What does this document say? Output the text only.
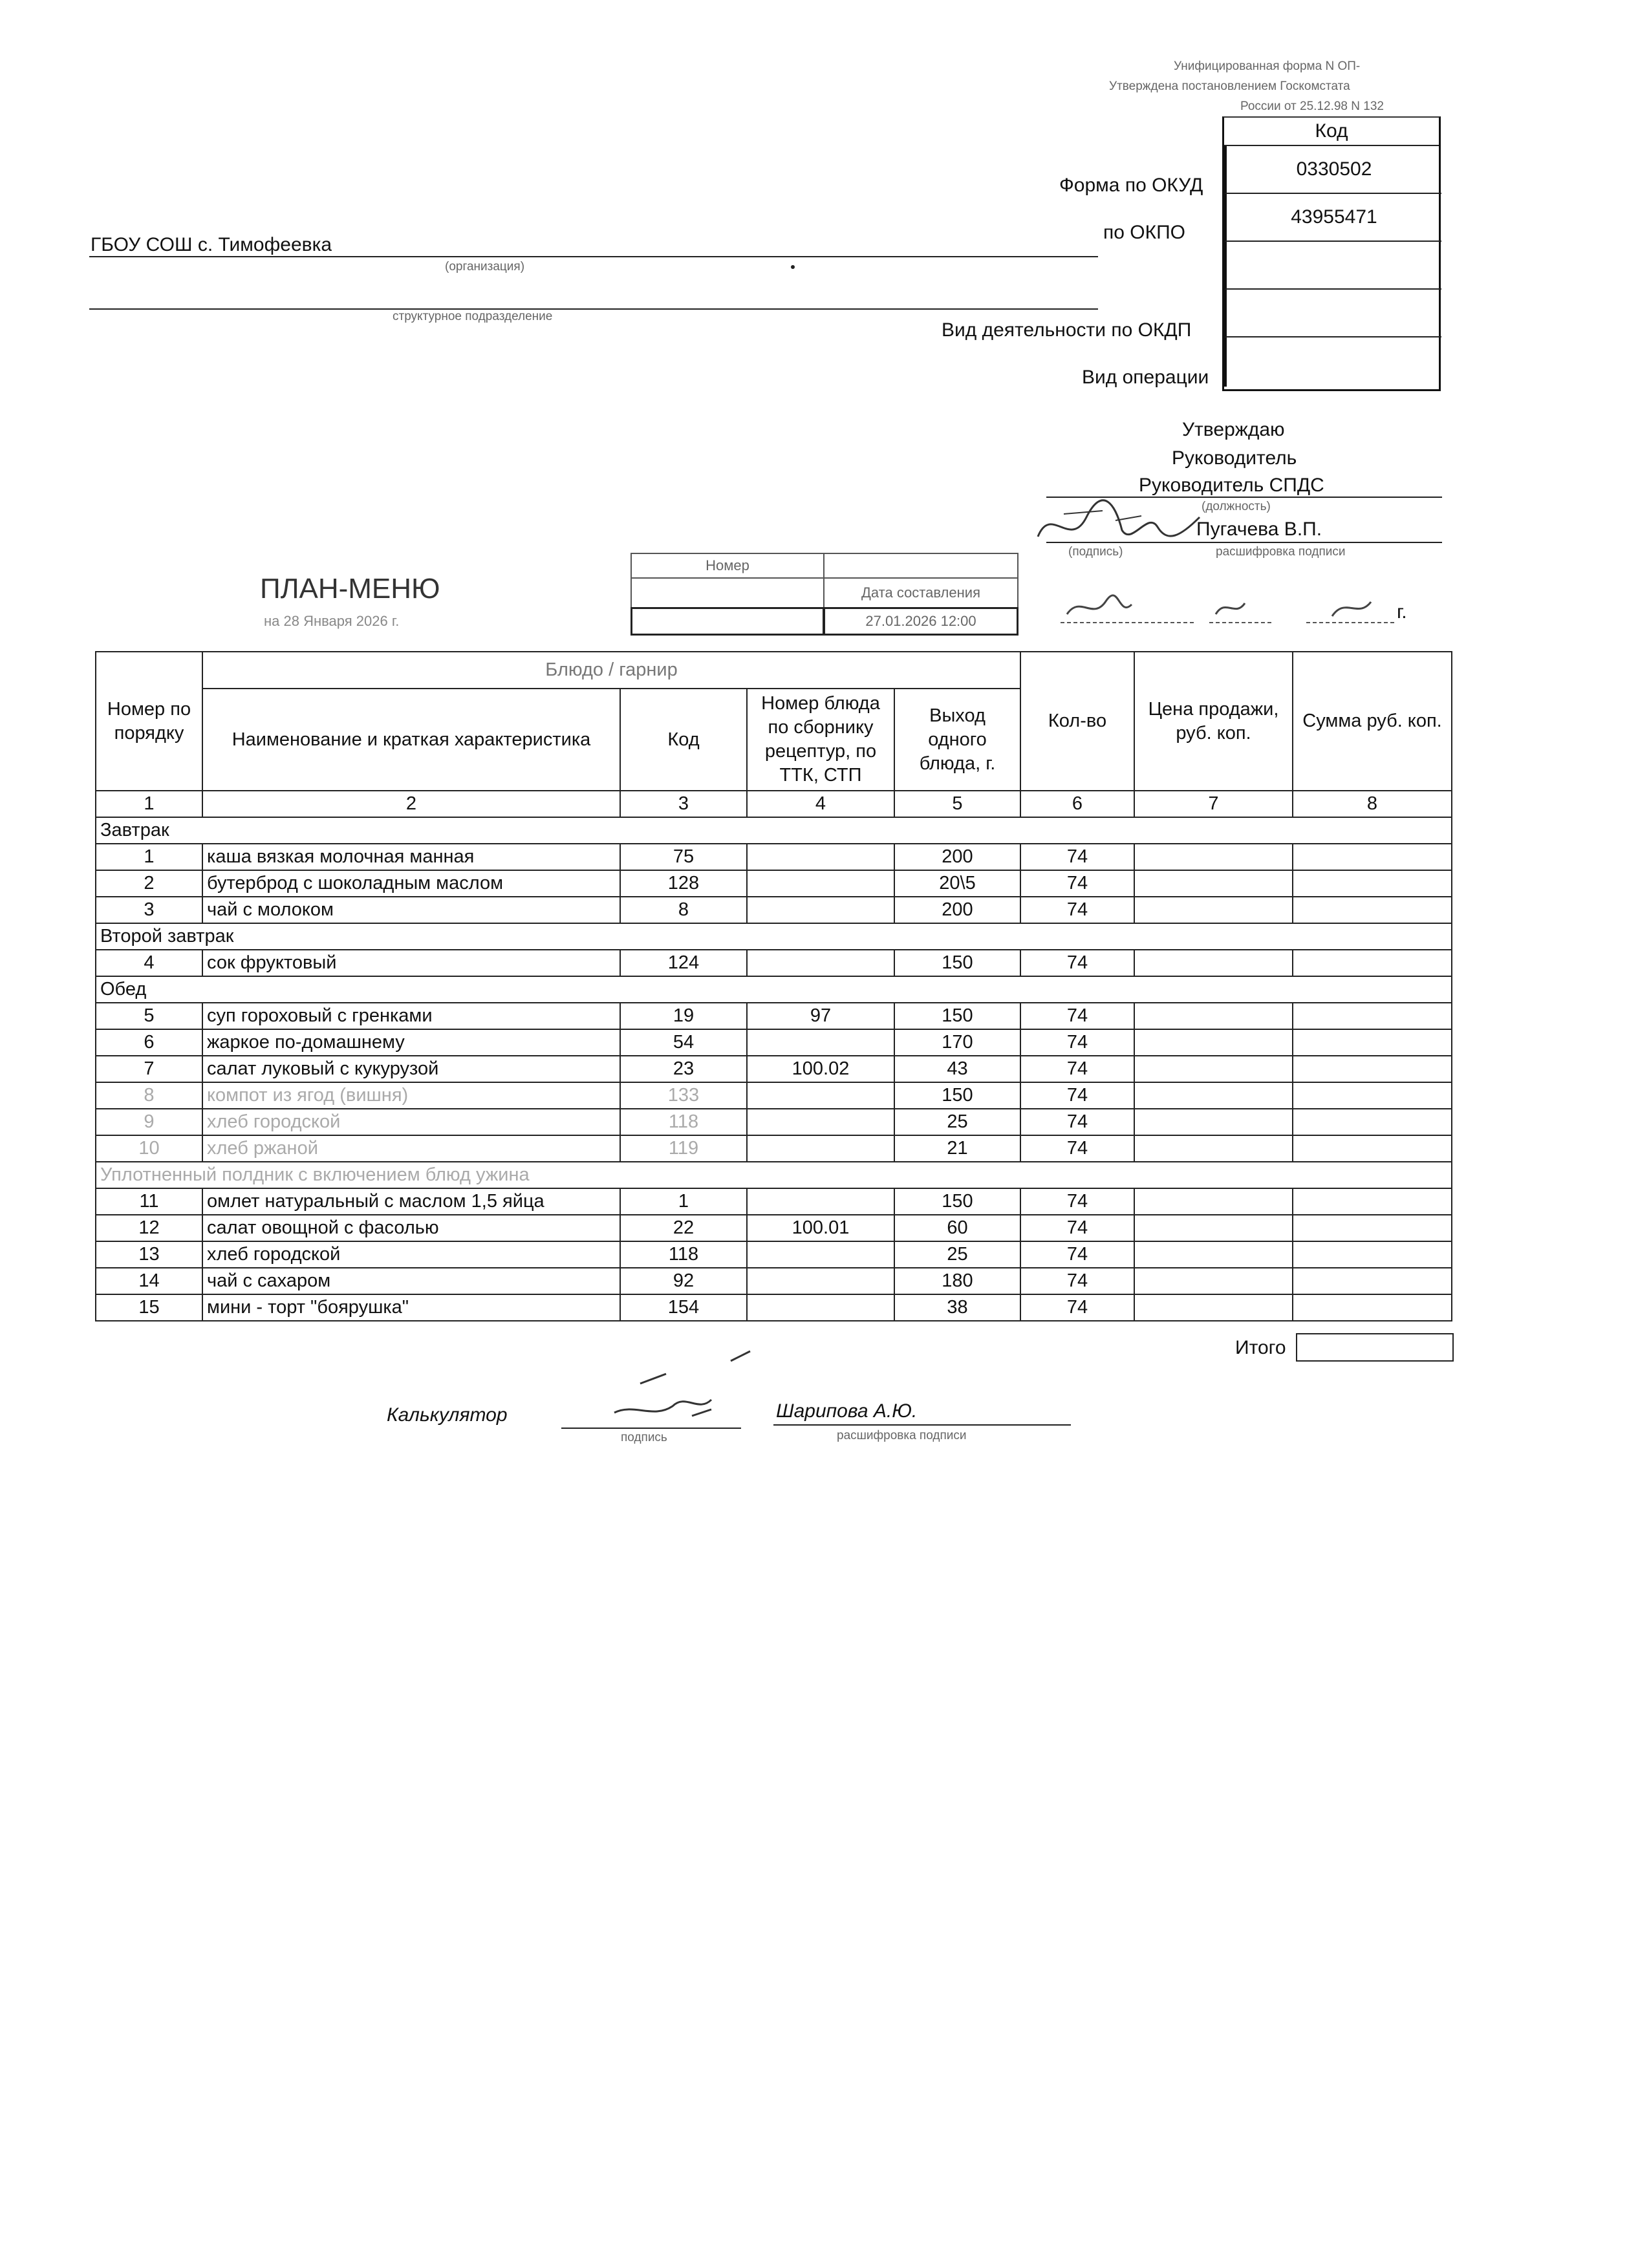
Унифицированная форма N ОП-
Утверждена постановлением Госкомстата
России от 25.12.98 N 132
Код
0330502
43955471
Форма по ОКУД
по ОКПО
Вид деятельности по ОКДП
Вид операции
ГБОУ СОШ с. Тимофеевка
(организация)
структурное подразделение
Утверждаю
Руководитель
Руководитель СПДС
(должность)
Пугачева В.П.
(подпись)	расшифровка подписи
г.
ПЛАН-МЕНЮ
на 28 Января 2026 г.
Номер
Дата составления
27.01.2026 12:00
Номер по порядку	Блюдо / гарнир				Кол-во	Цена продажи, руб. коп.	Сумма руб. коп.
	Наименование и краткая характеристика	Код	Номер блюда по сборнику рецептур, по ТТК, СТП	Выход одного блюда, г.			
1	2	3	4	5	6	7	8
Завтрак							
1	каша вязкая молочная манная	75		200	74		
2	бутерброд с шоколадным маслом	128		20\5	74		
3	чай с молоком	8		200	74		
Второй завтрак							
4	сок фруктовый	124		150	74		
Обед							
5	суп гороховый с гренками	19	97	150	74		
6	жаркое по-домашнему	54		170	74		
7	салат луковый с кукурузой	23	100.02	43	74		
8	компот из ягод (вишня)	133		150	74		
9	хлеб городской	118		25	74		
10	хлеб ржаной	119		21	74		
Уплотненный полдник с включением блюд ужина							
11	омлет натуральный с маслом 1,5 яйца	1		150	74		
12	салат овощной с фасолью	22	100.01	60	74		
13	хлеб городской	118		25	74		
14	чай с сахаром	92		180	74		
15	мини - торт "боярушка"	154		38	74		
Итого
Калькулятор
подпись
Шарипова А.Ю.
расшифровка подписи
